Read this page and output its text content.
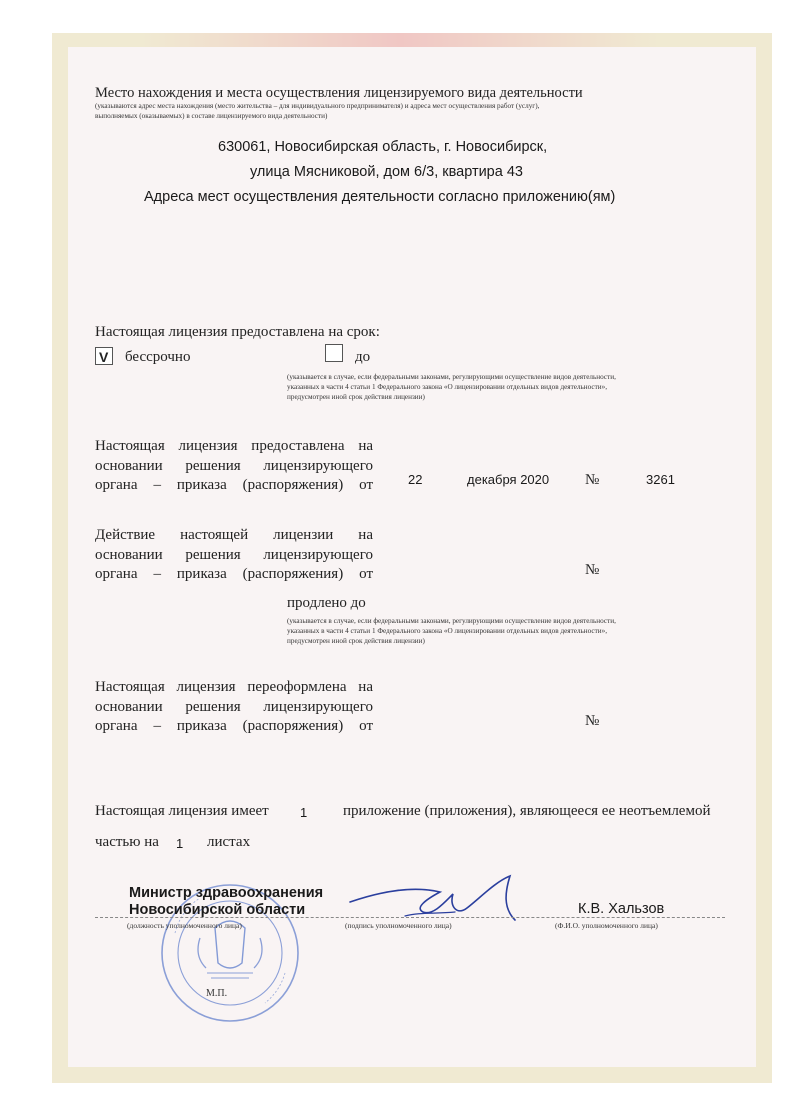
Место нахождения и места осуществления лицензируемого вида деятельности
(указываются адрес места нахождения (место жительства – для индивидуального предпринимателя) и адреса мест осуществления работ (услуг),
выполняемых (оказываемых) в составе лицензируемого вида деятельности)
630061, Новосибирская область, г. Новосибирск,
улица Мясниковой, дом 6/3, квартира 43
Адреса мест осуществления деятельности согласно приложению(ям)
Настоящая лицензия предоставлена на срок:
V бессрочно	до
(указывается в случае, если федеральными законами, регулирующими осуществление видов деятельности,
указанных в части 4 статьи 1 Федерального закона «О лицензировании отдельных видов деятельности»,
предусмотрен иной срок действия лицензии)
Настоящая лицензия предоставлена на основании решения лицензирующего органа – приказа (распоряжения) от	22	декабря 2020 №	3261
Действие настоящей лицензии на основании решения лицензирующего органа – приказа (распоряжения) от	№
продлено до
(указывается в случае, если федеральными законами, регулирующими осуществление видов деятельности,
указанных в части 4 статьи 1 Федерального закона «О лицензировании отдельных видов деятельности»,
предусмотрен иной срок действия лицензии)
Настоящая лицензия переоформлена на основании решения лицензирующего органа – приказа (распоряжения) от	№
Настоящая лицензия имеет 1 приложение (приложения), являющееся ее неотъемлемой
частью на 1 листах
Министр здравоохранения
Новосибирской области	К.В. Хальзов
(должность уполномоченного лица)	(подпись уполномоченного лица)	(Ф.И.О. уполномоченного лица)
М.П.
